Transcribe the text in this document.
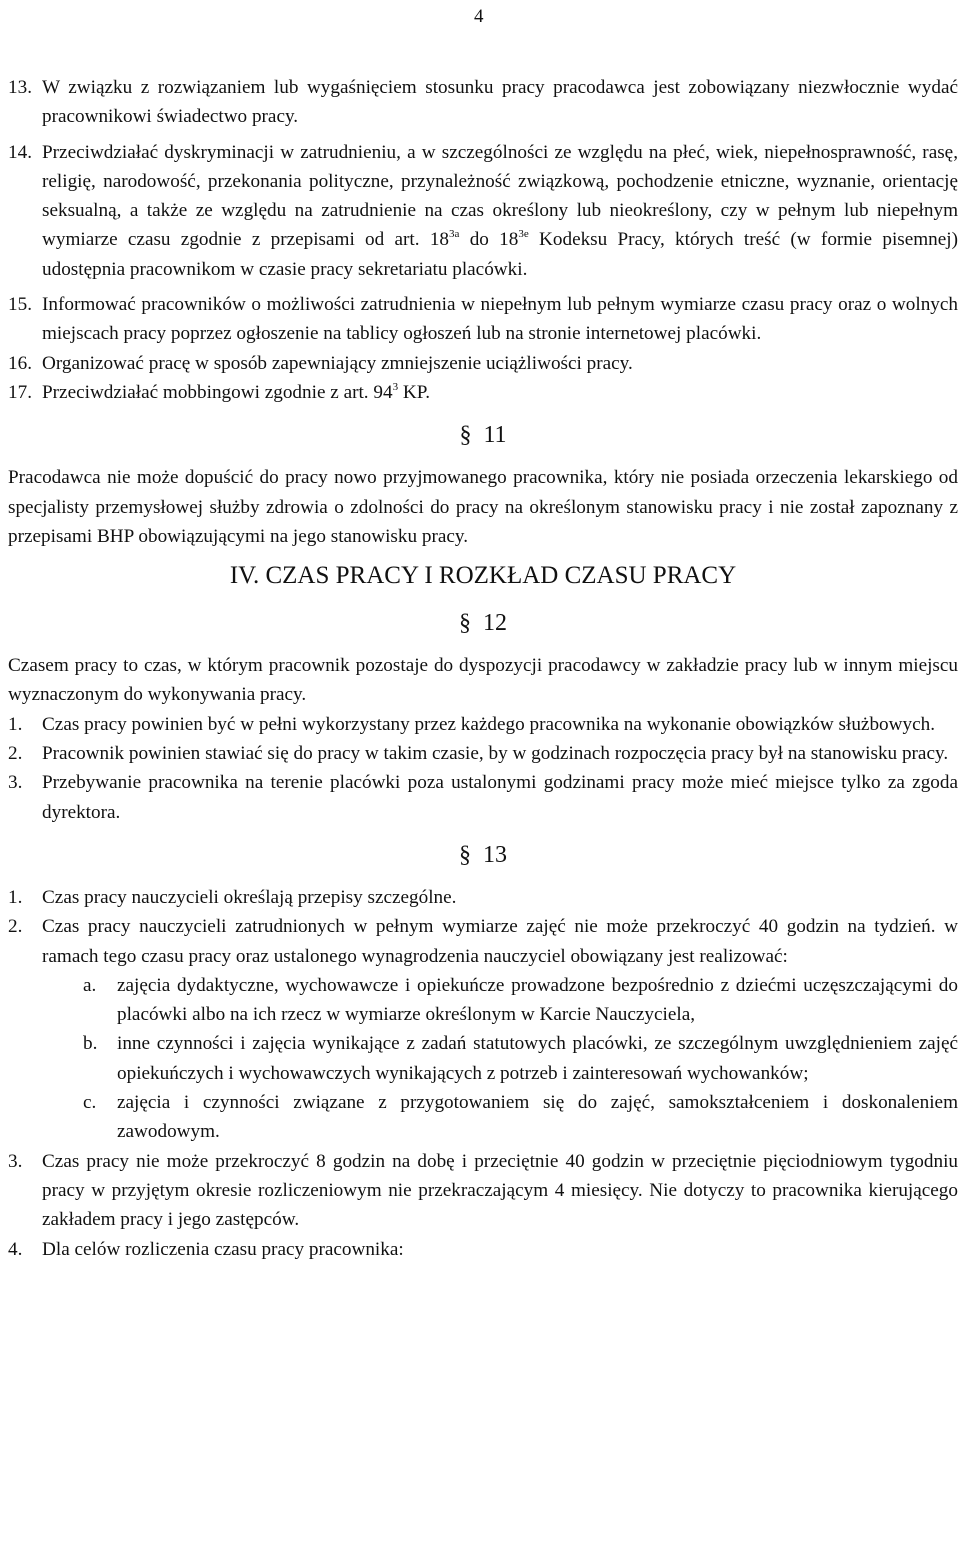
4
13. W związku z rozwiązaniem lub wygaśnięciem stosunku pracy pracodawca jest zobowiązany niezwłocznie wydać pracownikowi świadectwo pracy.
14. Przeciwdziałać dyskryminacji w zatrudnieniu, a w szczególności ze względu na płeć, wiek, niepełnosprawność, rasę, religię, narodowość, przekonania polityczne, przynależność związkową, pochodzenie etniczne, wyznanie, orientację seksualną, a także ze względu na zatrudnienie na czas określony lub nieokreślony, czy w pełnym lub niepełnym wymiarze czasu zgodnie z przepisami od art. $18^{3a}$ do $18^{3e}$ Kodeksu Pracy, których treść (w formie pisemnej) udostępnia pracownikom w czasie pracy sekretariatu placówki.
15. Informować pracowników o możliwości zatrudnienia w niepełnym lub pełnym wymiarze czasu pracy oraz o wolnych miejscach pracy poprzez ogłoszenie na tablicy ogłoszeń lub na stronie internetowej placówki.
16. Organizować pracę w sposób zapewniający zmniejszenie uciążliwości pracy.
17. Przeciwdziałać mobbingowi zgodnie z art. $94^3$ KP.
§ 11

Pracodawca nie może dopuścić do pracy nowo przyjmowanego pracownika, który nie posiada orzeczenia lekarskiego od specjalisty przemysłowej służby zdrowia o zdolności do pracy na określonym stanowisku pracy i nie został zapoznany z przepisami BHP obowiązującymi na jego stanowisku pracy.

IV. CZAS PRACY I ROZKŁAD CZASU PRACY
§ 12

Czasem pracy to czas, w którym pracownik pozostaje do dyspozycji pracodawcy w zakładzie pracy lub w innym miejscu wyznaczonym do wykonywania pracy.

1. Czas pracy powinien być w pełni wykorzystany przez każdego pracownika na wykonanie obowiązków służbowych.
2. Pracownik powinien stawiać się do pracy w takim czasie, by w godzinach rozpoczęcia pracy był na stanowisku pracy.
3. Przebywanie pracownika na terenie placówki poza ustalonymi godzinami pracy może mieć miejsce tylko za zgoda dyrektora.
§ 13
1. Czas pracy nauczycieli określają przepisy szczególne.
2. Czas pracy nauczycieli zatrudnionych w pełnym wymiarze zajęć nie może przekroczyć 40 godzin na tydzień. w ramach tego czasu pracy oraz ustalonego wynagrodzenia nauczyciel obowiązany jest realizować:
a. zajęcia dydaktyczne, wychowawcze i opiekuńcze prowadzone bezpośrednio z dziećmi uczęszczającymi do placówki albo na ich rzecz w wymiarze określonym w Karcie Nauczyciela,
b. inne czynności i zajęcia wynikające z zadań statutowych placówki, ze szczególnym uwzględnieniem zajęć opiekuńczych i wychowawczych wynikających z potrzeb i zainteresowań wychowanków;
c. zajęcia i czynności związane z przygotowaniem się do zajęć, samokształceniem i doskonaleniem zawodowym.
3. Czas pracy nie może przekroczyć 8 godzin na dobę i przeciętnie 40 godzin w przeciętnie pięciodniowym tygodniu pracy w przyjętym okresie rozliczeniowym nie przekraczającym 4 miesięcy. Nie dotyczy to pracownika kierującego zakładem pracy i jego zastępców.
4. Dla celów rozliczenia czasu pracy pracownika:
